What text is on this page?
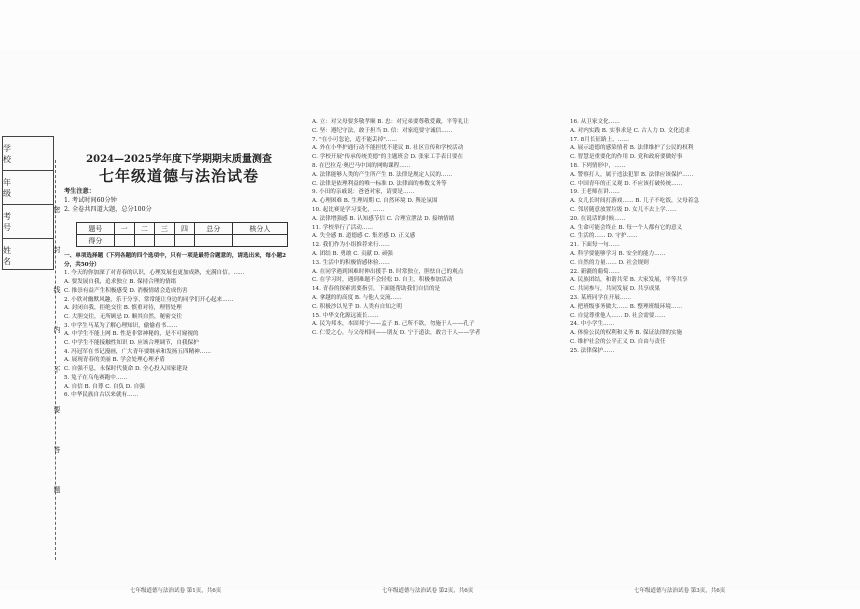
学 校
年 级
考 号
姓 名
密
封
线
内
不
要
答
题
2024—2025学年度下学期期末质量测查
七年级道德与法治试卷
考生注意：
1. 考试时间60分钟
2. 全卷共四道大题，总分100分
题号	一	二	三	四	总分	核分人
得分						

一、单项选择题（下列各题的四个选项中，只有一项是最符合题意的，请选出来，每小题2分，共50分）

1. 今天的你加深了对青春的认识，心理发展也更加成熟，充满自信。……

A. 要发展自我，追求独立 B. 保持合理的情绪

C. 推崇有益产生积极感受 D. 消极情绪会造成伤害

2. 小欣对幽默风趣，乐于分享，常常能让身边的同学们开心起来……

A. 封闭自我，拒绝交往 B. 慎重对待，理智处理

C. 大胆交往，无所顾忌 D. 顺其自然，秘密交往

3. 中学生马某为了解心理知识，偷偷看书……

A. 中学生不能上网 B. 性是非常神秘的，是不可窥视的

C. 中学生不能接触性知识 D. 应该合理调节，自我保护

4. 冯冠军在书记漫画，广大青年要继承和发扬五四精神……

A. 展现青春的美丽 B. 学会处理心理矛盾

C. 自强不息，永保时代使命 D. 全心投入国家建设

5. 兔子在乌龟赛跑中……

A. 自信 B. 自尊 C. 自负 D. 自强

6. 中华民族自古以来就有……

A. 立：对父母要多敬孝顺 B. 忠：对兄弟要尊敬爱戴，平等礼让

C. 坚：遵纪守法，敢于担当 D. 信：对家庭要守诚信……

7. "在小可忽论，适不能丢掉"……

A. 外在小华护通行动不能担忧不建议 B. 社区宣传和学校活动

C. 学校开展"传承传统美德"的主题班会 D. 张家工手表日要在

8. 在巴拉克·奥巴马中国的网购课程……

A. 法律能够人类的产生所产生 B. 法律是规定人民的……

C. 法律是依理利益的唯一标准 D. 法律面的参数义务等

9. 小田的亲戚说：爸爸对家，请要是……

A. 心理困难 B. 生理周期 C. 自然环境 D. 舆论氛围

10. 起比赛是学习变化，……

A. 法律增强感 B. 认知感节信 C. 合理宣泄法 D. 接纳情绪

11. 学校举行了活动……

A. 失全感 B. 道德感 C. 集差感 D. 正义感

12. 我们作为小组推荐来行……

A. 团结 B. 勇敢 C. 贡献 D. 顽强

13. 生活中的积极情感体验……

A. 在同学遇到困难时伸出援手 B. 时常独立，胆怯自己的观点

C. 在学习时，遇到难题不会轻松 D. 自主，积极参加活动

14. 青春的探索需要指引，下面能帮助我们自信的是

A. 拿越的的高度 B. 与他人交流……

C. 积极沙以见乎 D. 人类有自知之明

15. 中华文化源远流长……

A. 民为邦本，本固邦宁——孟子 B. 己所不欲，勿施于人——孔子

C. 仁爱之心，与父母相同——朋友 D. 宁于道法，敢言于人——学者

16. 从卫家文化……

A. 对内实践 B. 实事求是 C. 古人力 D. 文化追求

17. 8月长征路上，……

A. 展示道德的感染情者 B. 法律维护了公民的权利

C. 智慧是重要化的作用 D. 党和政府要做好事

18. 下列情形中，……

A. 警察打人，属于违法犯罪 B. 法律应该保护……

C. 中国青年的正义观 D. 不应该打破传统……

19. 王老师在讲……

A. 女儿长时间打游戏…… B. 儿子不吃饭，父母着急

C. 邻居随意放置垃圾 D. 女儿不去上学……

20. 在说话的时候……

A. 生命可能会终止 B. 每一个人都有它的意义

C. 生活的…… D. 守护……

21. 下面每一句……

A. 科学要能够学习 B. 安全的能力……

C. 自然的力量…… D. 社会规则

22. 新疆的葡萄……

A. 民族团结，和谐共荣 B. 大家发展，平等共享

C. 共同参与，共同发展 D. 共享成果

23. 某班同学在开展……

A. 把班级事务做大…… B. 整理班级环境……

C. 自觉尊重他人…… D. 社会需要……

24. 中小学生……

A. 体验公民的权利和义务 B. 保证法律的实施

C. 维护社会的公平正义 D. 自由与责任

25. 法律保护……

七年级道德与法治试卷 第1页，共6页	七年级道德与法治试卷 第2页，共6页	七年级道德与法治试卷 第3页，共6页
